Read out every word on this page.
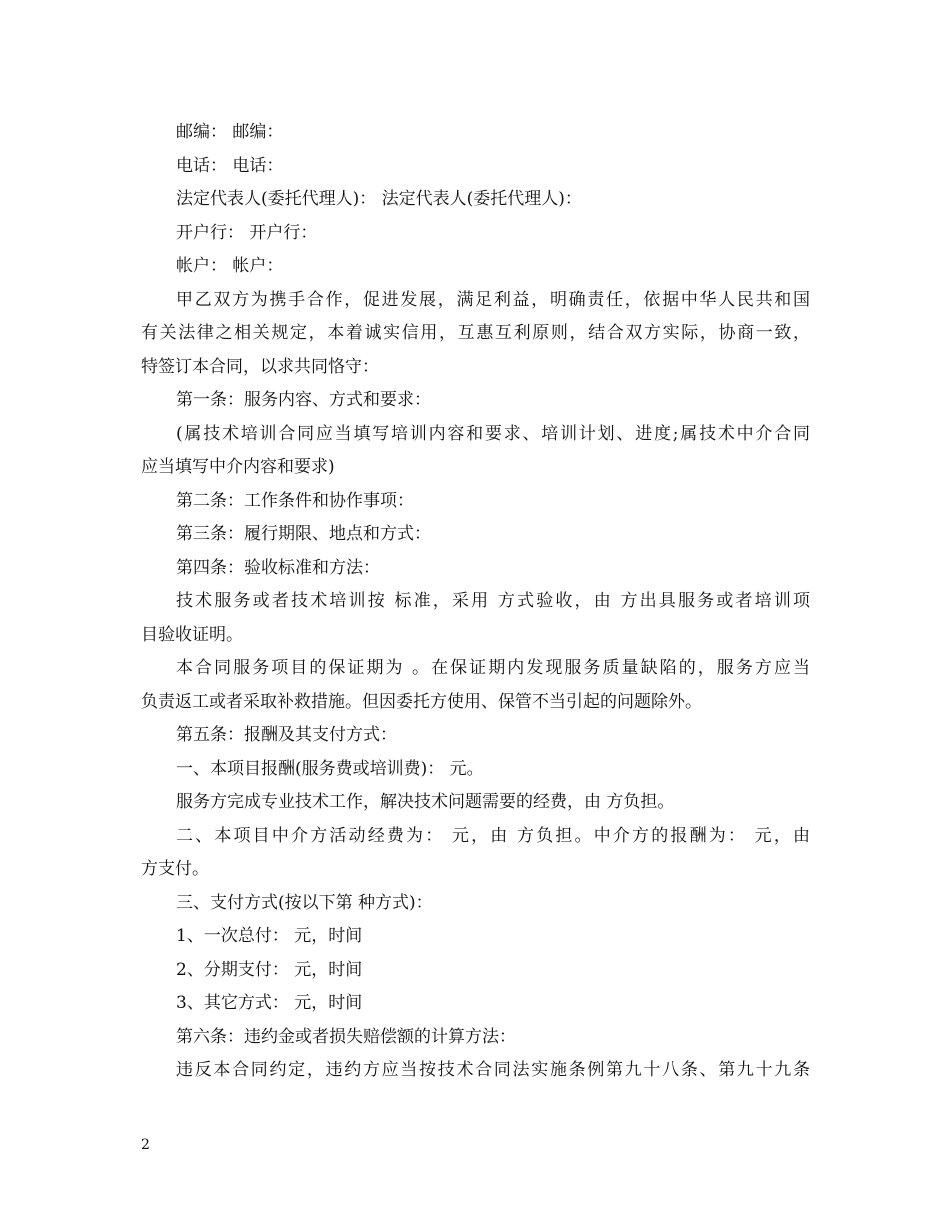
邮编： 邮编：
电话： 电话：
法定代表人(委托代理人)： 法定代表人(委托代理人)：
开户行： 开户行：
帐户： 帐户：
甲乙双方为携手合作，促进发展，满足利益，明确责任，依据中华人民共和国
有关法律之相关规定，本着诚实信用，互惠互利原则，结合双方实际，协商一致，
特签订本合同，以求共同恪守：
第一条：服务内容、方式和要求：
(属技术培训合同应当填写培训内容和要求、培训计划、进度;属技术中介合同
应当填写中介内容和要求)
第二条：工作条件和协作事项：
第三条：履行期限、地点和方式：
第四条：验收标准和方法：
技术服务或者技术培训按 标准，采用 方式验收，由 方出具服务或者培训项
目验收证明。
本合同服务项目的保证期为 。在保证期内发现服务质量缺陷的，服务方应当
负责返工或者采取补救措施。但因委托方使用、保管不当引起的问题除外。
第五条：报酬及其支付方式：
一、本项目报酬(服务费或培训费)： 元。
服务方完成专业技术工作，解决技术问题需要的经费，由 方负担。
二、本项目中介方活动经费为： 元，由 方负担。中介方的报酬为： 元，由
方支付。
三、支付方式(按以下第 种方式)：
1、一次总付： 元，时间
2、分期支付： 元，时间
3、其它方式： 元，时间
第六条：违约金或者损失赔偿额的计算方法：
违反本合同约定，违约方应当按技术合同法实施条例第九十八条、第九十九条
2
